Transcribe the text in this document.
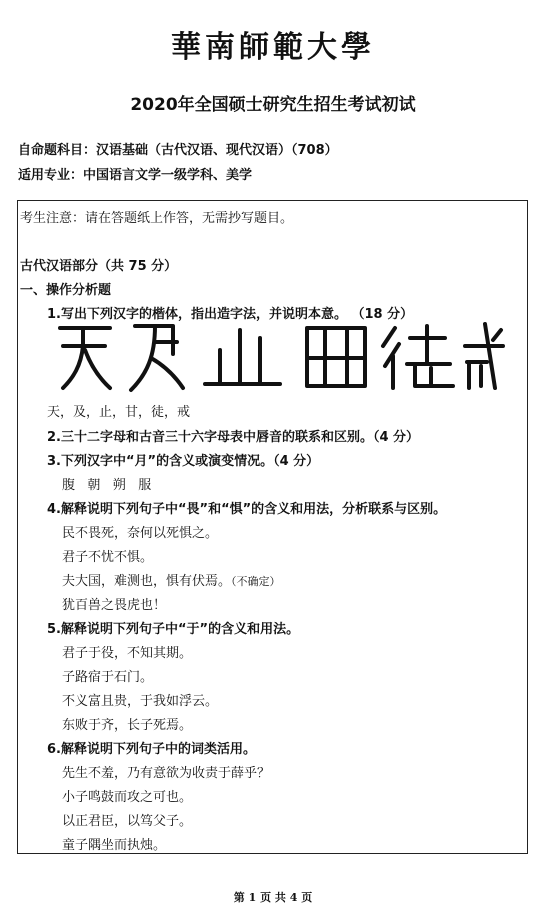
華南師範大學
2020年全国硕士研究生招生考试初试
自命题科目：汉语基础（古代汉语、现代汉语）（708）
适用专业：中国语言文学一级学科、美学
考生注意：请在答题纸上作答，无需抄写题目。
古代汉语部分（共 75 分）
一、操作分析题
1.写出下列汉字的楷体，指出造字法，并说明本意。 （18 分）
天，及，止，甘，徒，戒
2.三十二字母和古音三十六字母表中唇音的联系和区别。（4 分）
3.下列汉字中“月”的含义或演变情况。（4 分）
腹   朝   朔   服
4.解释说明下列句子中“畏”和“惧”的含义和用法，分析联系与区别。
民不畏死，奈何以死惧之。
君子不忧不惧。
夫大国，难测也，惧有伏焉。（不确定）
犹百兽之畏虎也！
5.解释说明下列句子中“于”的含义和用法。
君子于役，不知其期。
子路宿于石门。
不义富且贵，于我如浮云。
东败于齐，长子死焉。
6.解释说明下列句子中的词类活用。
先生不羞，乃有意欲为收责于薛乎？
小子鸣鼓而攻之可也。
以正君臣，以笃父子。
童子隅坐而执烛。
第 1 页 共 4 页
